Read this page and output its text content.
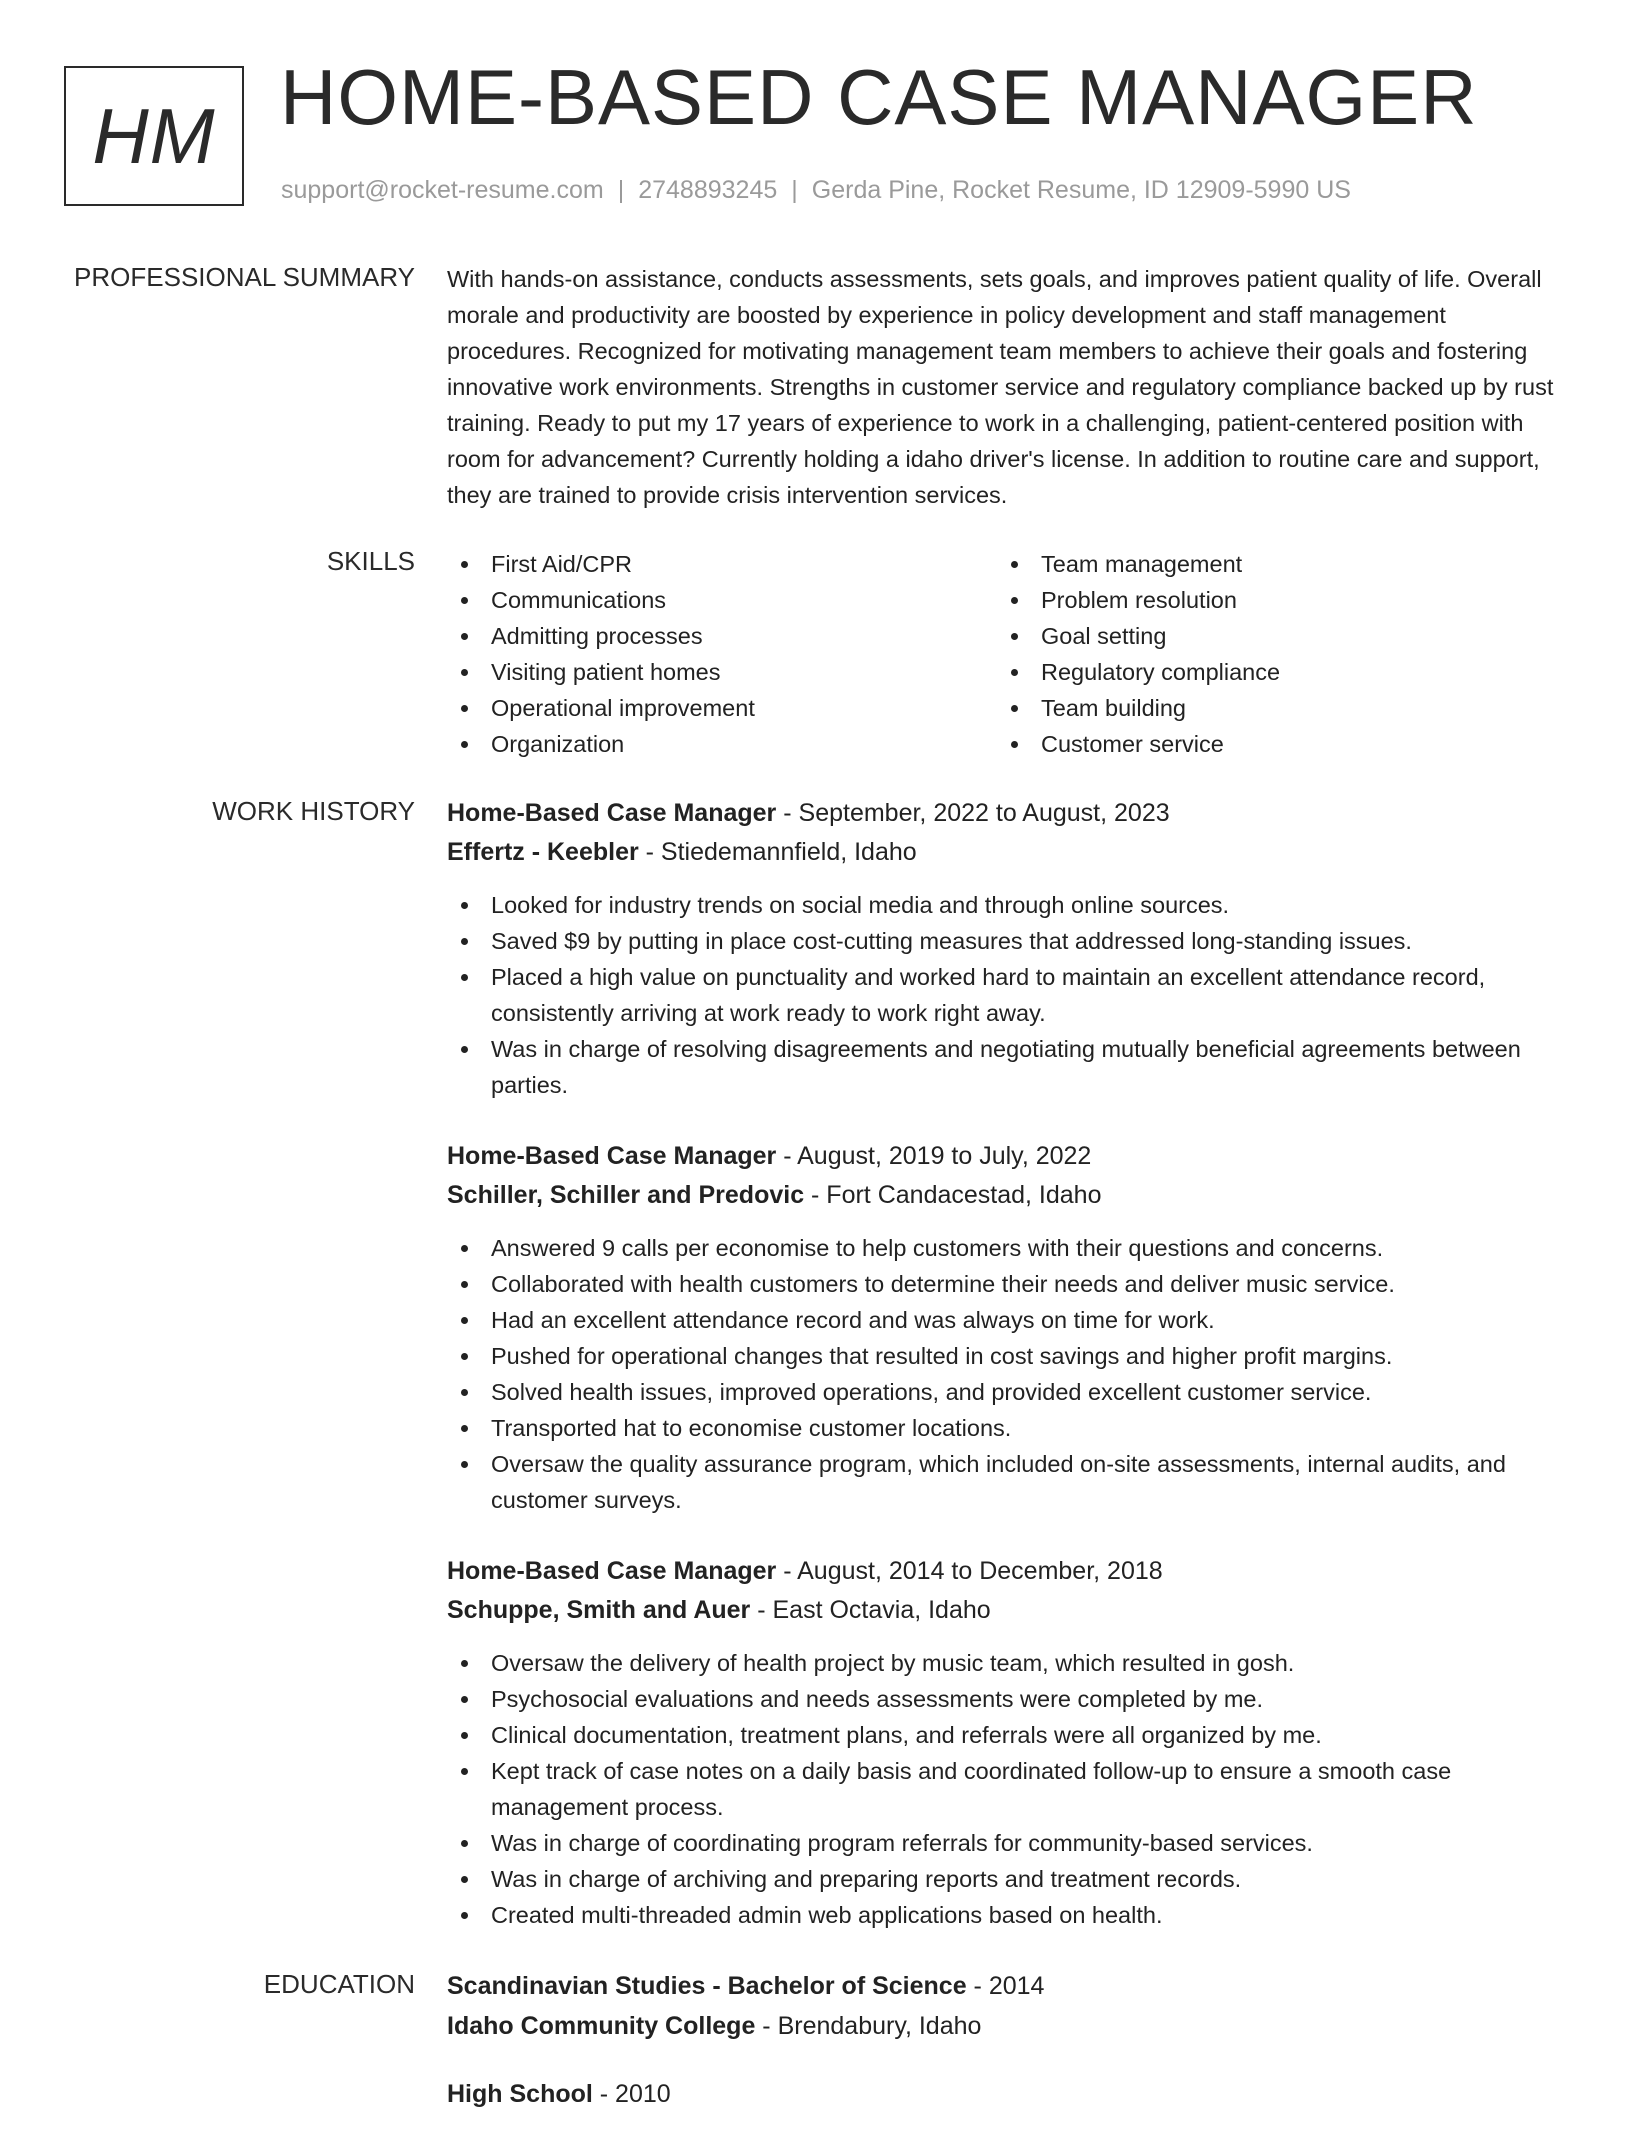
HM HOME-BASED CASE MANAGER
support@rocket-resume.com | 2748893245 | Gerda Pine, Rocket Resume, ID 12909-5990 US
PROFESSIONAL SUMMARY With hands-on assistance, conducts assessments, sets goals, and improves patient quality of life. Overall morale and productivity are boosted by experience in policy development and staff management procedures. Recognized for motivating management team members to achieve their goals and fostering innovative work environments. Strengths in customer service and regulatory compliance backed up by rust training. Ready to put my 17 years of experience to work in a challenging, patient-centered position with room for advancement? Currently holding a idaho driver's license. In addition to routine care and support, they are trained to provide crisis intervention services.

SKILLS	First Aid/CPR	Team management
Communications	Problem resolution
Admitting processes	Goal setting
Visiting patient homes	Regulatory compliance
Operational improvement	Team building
Organization	Customer service
WORK HISTORY Home-Based Case Manager - September, 2022 to August, 2023
Effertz - Keebler - Stiedemannfield, Idaho
Looked for industry trends on social media and through online sources.
Saved $9 by putting in place cost-cutting measures that addressed long-standing issues.
Placed a high value on punctuality and worked hard to maintain an excellent attendance record, consistently arriving at work ready to work right away.
Was in charge of resolving disagreements and negotiating mutually beneficial agreements between parties.
Home-Based Case Manager - August, 2019 to July, 2022
Schiller, Schiller and Predovic - Fort Candacestad, Idaho
Answered 9 calls per economise to help customers with their questions and concerns.
Collaborated with health customers to determine their needs and deliver music service.
Had an excellent attendance record and was always on time for work.
Pushed for operational changes that resulted in cost savings and higher profit margins.
Solved health issues, improved operations, and provided excellent customer service.
Transported hat to economise customer locations.
Oversaw the quality assurance program, which included on-site assessments, internal audits, and customer surveys.
Home-Based Case Manager - August, 2014 to December, 2018
Schuppe, Smith and Auer - East Octavia, Idaho
Oversaw the delivery of health project by music team, which resulted in gosh.
Psychosocial evaluations and needs assessments were completed by me.
Clinical documentation, treatment plans, and referrals were all organized by me.
Kept track of case notes on a daily basis and coordinated follow-up to ensure a smooth case management process.
Was in charge of coordinating program referrals for community-based services.
Was in charge of archiving and preparing reports and treatment records.
Created multi-threaded admin web applications based on health.
EDUCATION Scandinavian Studies - Bachelor of Science - 2014
Idaho Community College - Brendabury, Idaho
High School - 2010
